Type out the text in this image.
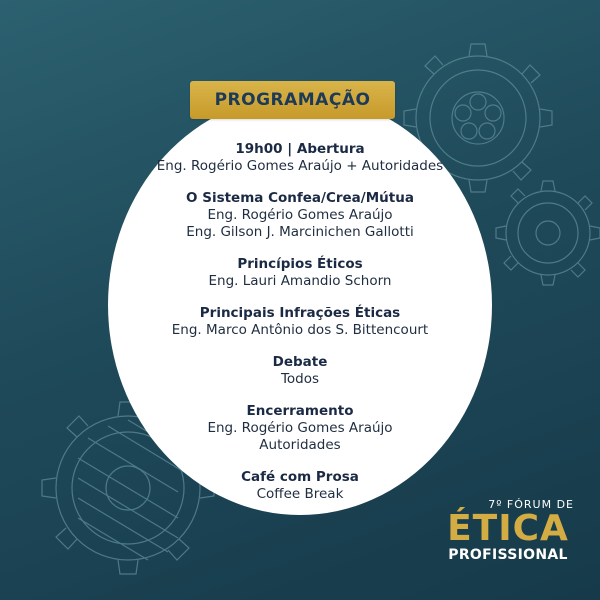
PROGRAMAÇÃO
19h00 | Abertura
Eng. Rogério Gomes Araújo + Autoridades
O Sistema Confea/Crea/Mútua
Eng. Rogério Gomes Araújo
Eng. Gilson J. Marcinichen Gallotti
Princípios Éticos
Eng. Lauri Amandio Schorn
Principais Infrações Éticas
Eng. Marco Antônio dos S. Bittencourt
Debate
Todos
Encerramento
Eng. Rogério Gomes Araújo
Autoridades
Café com Prosa
Coffee Break
7º FÓRUM DE
ÉTICA
PROFISSIONAL
